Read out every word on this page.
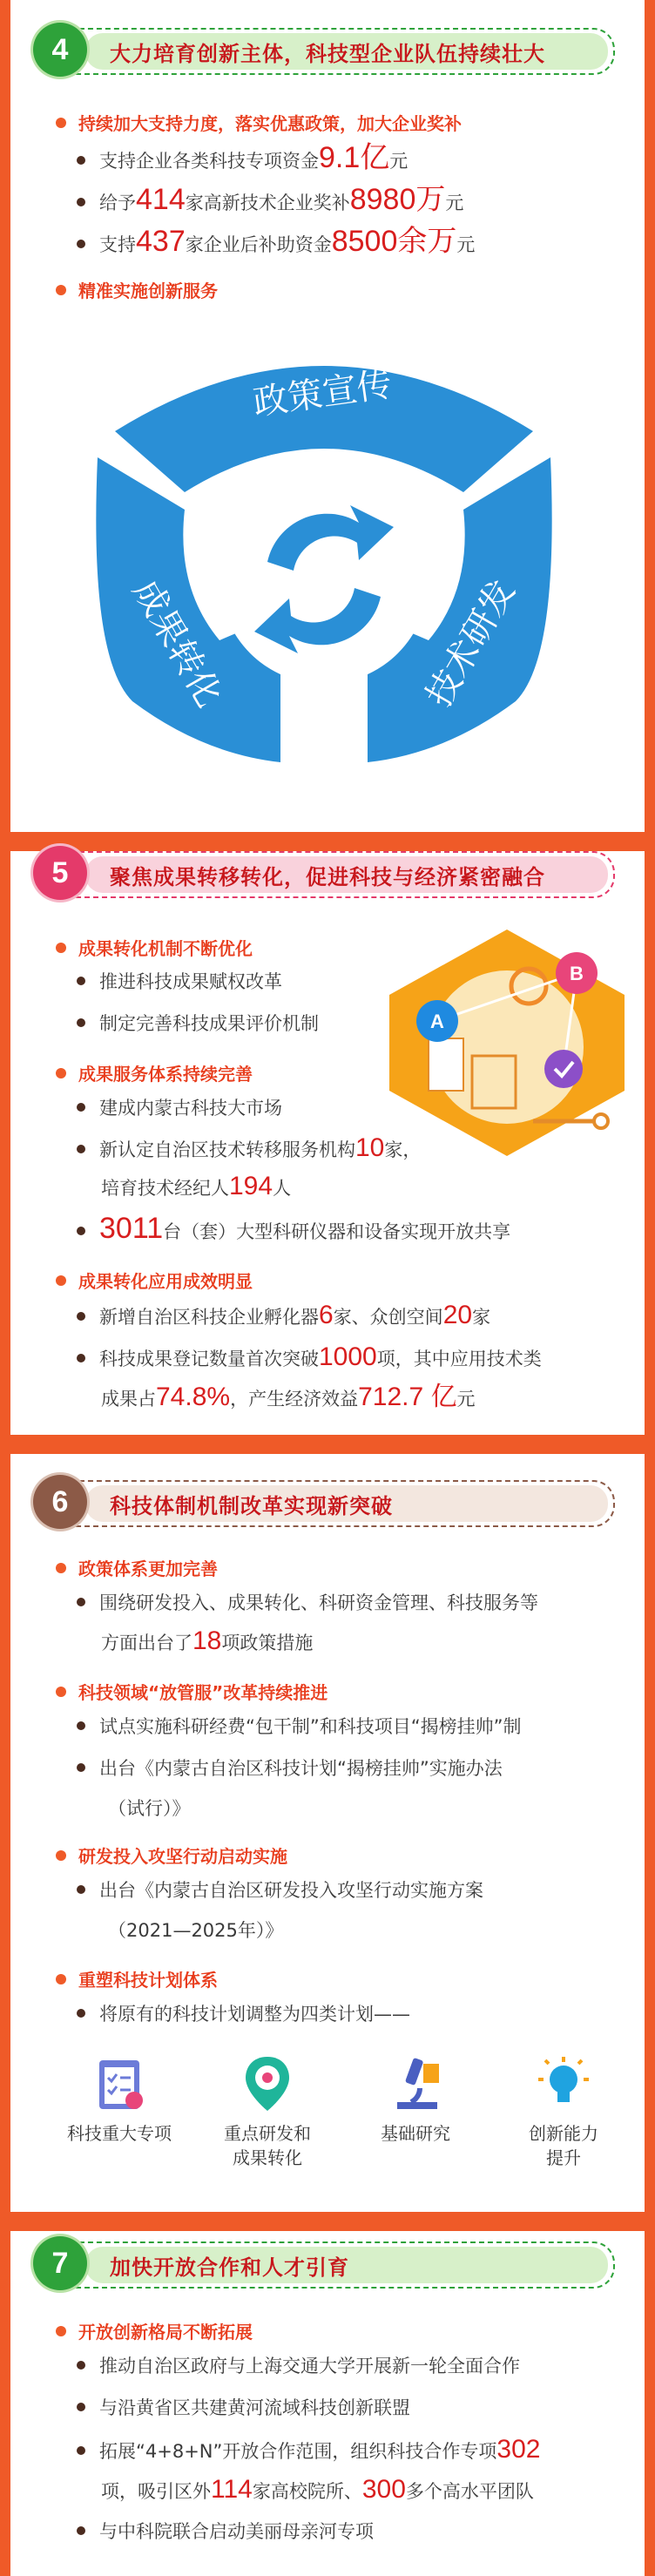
4	大力培育创新主体，科技型企业队伍持续壮大
持续加大支持力度，落实优惠政策，加大企业奖补
支持企业各类科技专项资金9.1亿元
给予414家高新技术企业奖补8980万元
支持437家企业后补助资金8500余万元
精准实施创新服务
政策宣传
成果转化	技术研发
5	聚焦成果转移转化，促进科技与经济紧密融合
A
B
成果转化机制不断优化
推进科技成果赋权改革
制定完善科技成果评价机制
成果服务体系持续完善
建成内蒙古科技大市场
新认定自治区技术转移服务机构10家，
培育技术经纪人194人
3011台（套）大型科研仪器和设备实现开放共享
成果转化应用成效明显
新增自治区科技企业孵化器6家、众创空间20家
科技成果登记数量首次突破1000项，其中应用技术类
成果占74.8%，产生经济效益712.7 亿元
6	科技体制机制改革实现新突破
政策体系更加完善
围绕研发投入、成果转化、科研资金管理、科技服务等
方面出台了18项政策措施
科技领域“放管服”改革持续推进
试点实施科研经费“包干制”和科技项目“揭榜挂帅”制
出台《内蒙古自治区科技计划“揭榜挂帅”实施办法
（试行）》
研发投入攻坚行动启动实施
出台《内蒙古自治区研发投入攻坚行动实施方案
（2021—2025年）》
重塑科技计划体系
将原有的科技计划调整为四类计划——
科技重大专项	重点研发和
成果转化
基础研究	创新能力
提升
7	加快开放合作和人才引育
开放创新格局不断拓展
推动自治区政府与上海交通大学开展新一轮全面合作
与沿黄省区共建黄河流域科技创新联盟
拓展“4+8+N”开放合作范围，组织科技合作专项302
项，吸引区外114家高校院所、300多个高水平团队
与中科院联合启动美丽母亲河专项
